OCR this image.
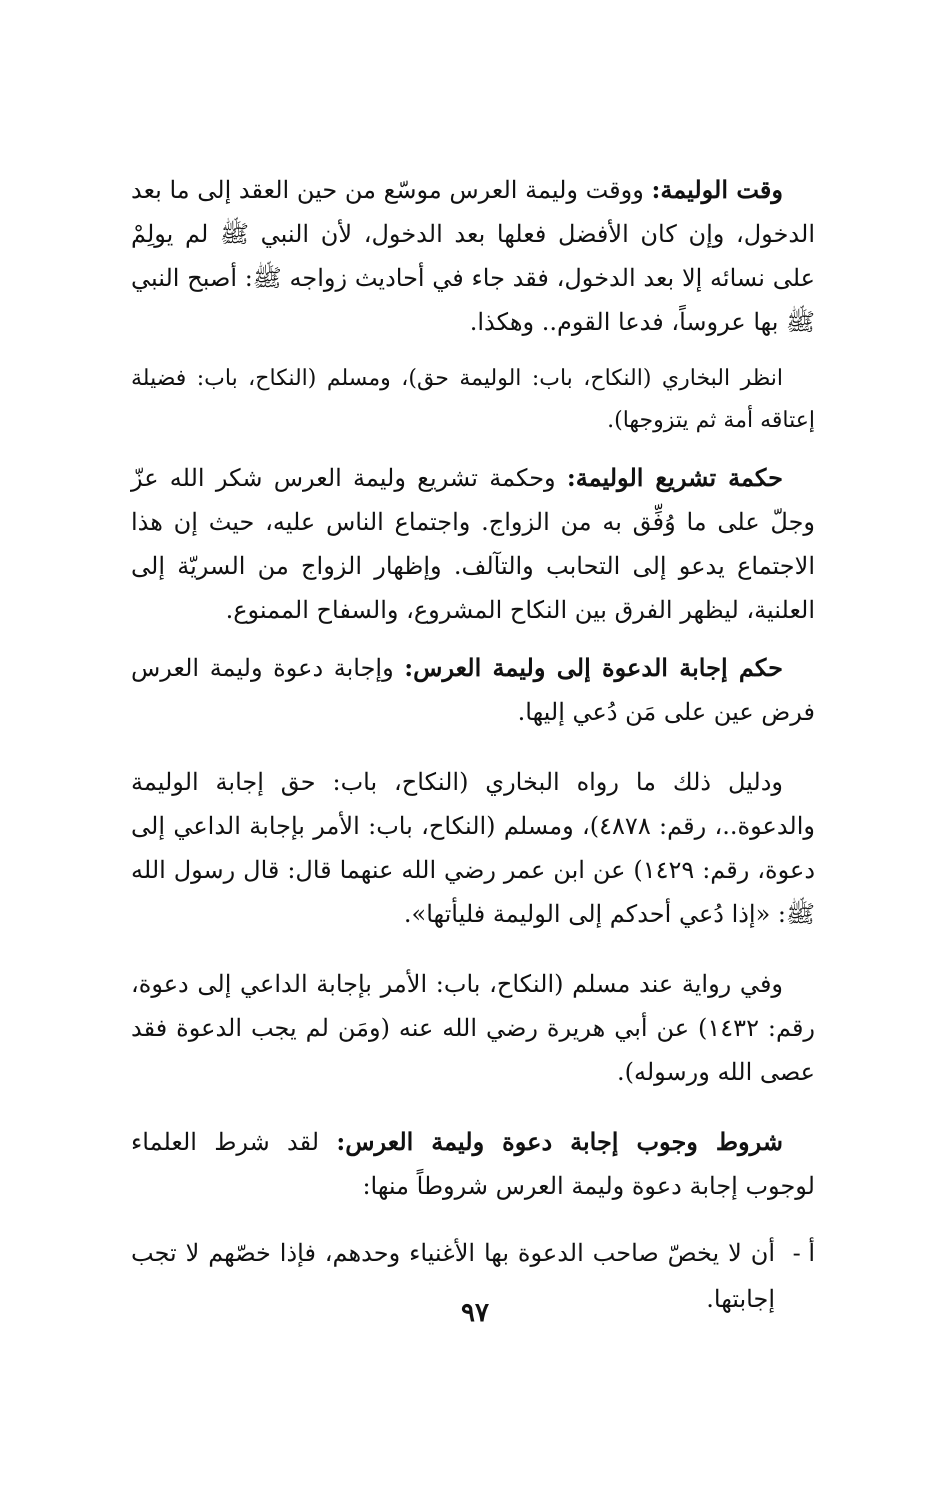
وقت الوليمة: ووقت وليمة العرس موسّع من حين العقد إلى ما بعد الدخول، وإن كان الأفضل فعلها بعد الدخول، لأن النبي ﷺ لم يولِمْ على نسائه إلا بعد الدخول، فقد جاء في أحاديث زواجه ﷺ: أصبح النبي ﷺ بها عروساً، فدعا القوم.. وهكذا.

انظر البخاري (النكاح، باب: الوليمة حق)، ومسلم (النكاح، باب: فضيلة إعتاقه أمة ثم يتزوجها).

حكمة تشريع الوليمة: وحكمة تشريع وليمة العرس شكر الله عزّ وجلّ على ما وُفِّق به من الزواج. واجتماع الناس عليه، حيث إن هذا الاجتماع يدعو إلى التحابب والتآلف. وإظهار الزواج من السريّة إلى العلنية، ليظهر الفرق بين النكاح المشروع، والسفاح الممنوع.

حكم إجابة الدعوة إلى وليمة العرس: وإجابة دعوة وليمة العرس فرض عين على مَن دُعي إليها.

ودليل ذلك ما رواه البخاري (النكاح، باب: حق إجابة الوليمة والدعوة..، رقم: ٤٨٧٨)، ومسلم (النكاح، باب: الأمر بإجابة الداعي إلى دعوة، رقم: ١٤٢٩) عن ابن عمر رضي الله عنهما قال: قال رسول الله ﷺ: «إذا دُعي أحدكم إلى الوليمة فليأتها».

وفي رواية عند مسلم (النكاح، باب: الأمر بإجابة الداعي إلى دعوة، رقم: ١٤٣٢) عن أبي هريرة رضي الله عنه (ومَن لم يجب الدعوة فقد عصى الله ورسوله).

شروط وجوب إجابة دعوة وليمة العرس: لقد شرط العلماء لوجوب إجابة دعوة وليمة العرس شروطاً منها:

أ -
أن لا يخصّ صاحب الدعوة بها الأغنياء وحدهم، فإذا خصّهم لا تجب إجابتها.
٩٧
